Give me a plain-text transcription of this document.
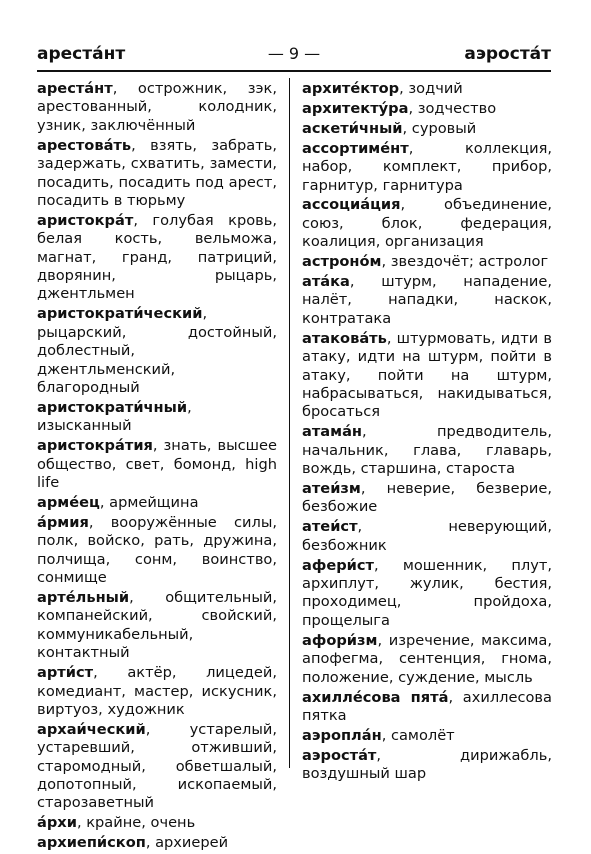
ареста́нт	— 9 —	аэроста́т
ареста́нт, острожник, зэк, арестованный, колодник, узник, заключённый
арестова́ть, взять, забрать, задержать, схватить, замести, посадить, посадить под арест, посадить в тюрьму
аристокра́т, голубая кровь, белая кость, вельможа, магнат, гранд, патриций, дворянин, рыцарь, джентльмен
аристократи́ческий, рыцарский, достойный, доблестный, джентльменский, благородный
аристократи́чный, изысканный
аристокра́тия, знать, высшее общество, свет, бомонд, high life
арме́ец, армейщина
а́рмия, вооружённые силы, полк, войско, рать, дружина, полчища, сонм, воинство, сонмище
арте́льный, общительный, компанейский, свойский, коммуникабельный, контактный
арти́ст, актёр, лицедей, комедиант, мастер, искусник, виртуоз, художник
архаи́ческий, устарелый, устаревший, отживший, старомодный, обветшалый, допотопный, ископаемый, старозаветный
а́рхи, крайне, очень
архиепи́скоп, архиерей
архите́ктор, зодчий
архитекту́ра, зодчество
аскети́чный, суровый
ассортиме́нт, коллекция, набор, комплект, прибор, гарнитур, гарнитура
ассоциа́ция, объединение, союз, блок, федерация, коалиция, организация
астроно́м, звездочёт; астролог
ата́ка, штурм, нападение, налёт, нападки, наскок, контратака
атакова́ть, штурмовать, идти в атаку, идти на штурм, пойти в атаку, пойти на штурм, набрасываться, накидываться, бросаться
атама́н, предводитель, начальник, глава, главарь, вождь, старшина, староста
атеи́зм, неверие, безверие, безбожие
атеи́ст, неверующий, безбожник
афери́ст, мошенник, плут, архиплут, жулик, бестия, проходимец, пройдоха, прощелыга
афори́зм, изречение, максима, апофегма, сентенция, гнома, положение, суждение, мысль
ахилле́сова пята́, ахиллесова пятка
аэропла́н, самолёт
аэроста́т, дирижабль, воздушный шар
